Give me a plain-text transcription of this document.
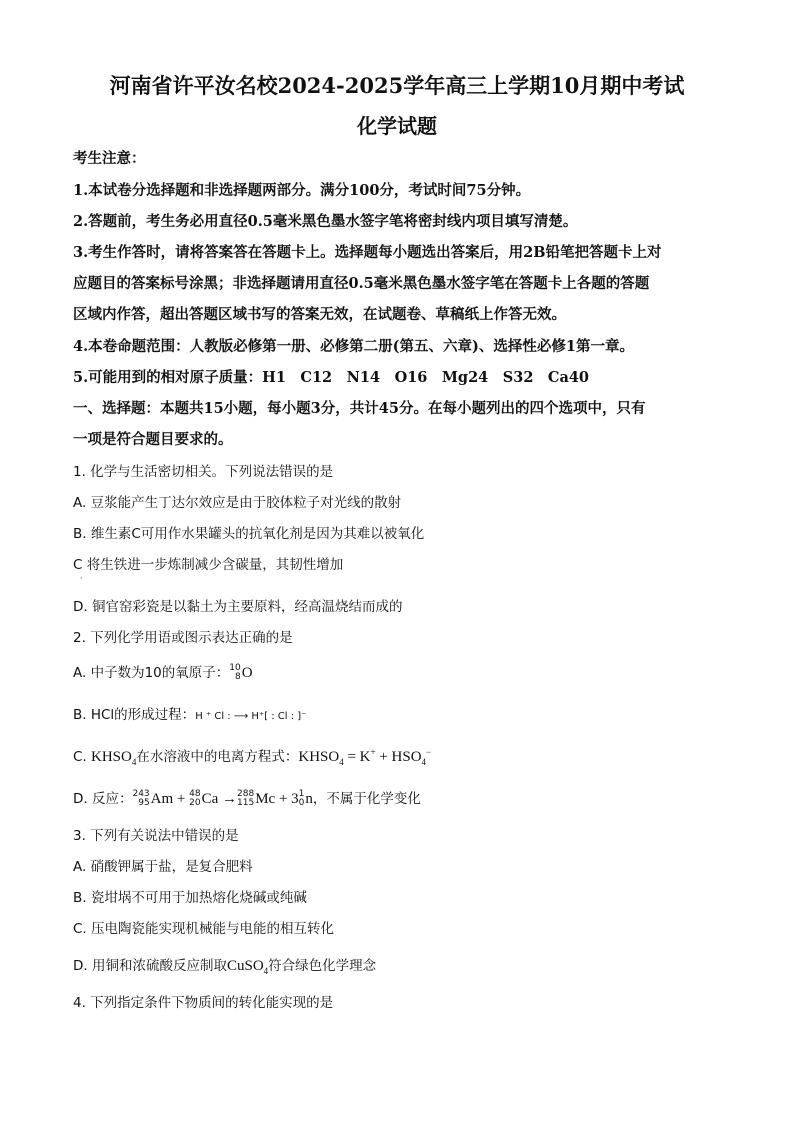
河南省许平汝名校2024-2025学年高三上学期10月期中考试
化学试题
考生注意：
1.本试卷分选择题和非选择题两部分。满分100分，考试时间75分钟。
2.答题前，考生务必用直径0.5毫米黑色墨水签字笔将密封线内项目填写清楚。
3.考生作答时，请将答案答在答题卡上。选择题每小题选出答案后，用2B铅笔把答题卡上对
应题目的答案标号涂黑；非选择题请用直径0.5毫米黑色墨水签字笔在答题卡上各题的答题
区域内作答，超出答题区域书写的答案无效，在试题卷、草稿纸上作答无效。
4.本卷命题范围：人教版必修第一册、必修第二册(第五、六章)、选择性必修1第一章。
5.可能用到的相对原子质量：H1　C12　N14　O16　Mg24　S32　Ca40
一、选择题：本题共15小题，每小题3分，共计45分。在每小题列出的四个选项中，只有
一项是符合题目要求的。
1. 化学与生活密切相关。下列说法错误的是
A. 豆浆能产生丁达尔效应是由于胶体粒子对光线的散射
B. 维生素C可用作水果罐头的抗氧化剂是因为其难以被氧化
C 将生铁进一步炼制减少含碳量，其韧性增加
·
D. 铜官窑彩瓷是以黏土为主要原料，经高温烧结而成的
2. 下列化学用语或图示表达正确的是
A. 中子数为10的氧原子： 10
8 O
B. HCl的形成过程：H ⁺ Cl : ⟶ H⁺[ : Cl : ]⁻
C. $KHSO_4$在水溶液中的电离方程式：$KHSO_4 = K^+ + HSO_4^-$
D. 反应： 243
95 Am + 48
20 Ca → 288
115 Mc + 3 1
0 n，不属于化学变化
3. 下列有关说法中错误的是
A. 硝酸钾属于盐，是复合肥料
B. 瓷坩埚不可用于加热熔化烧碱或纯碱
C. 压电陶瓷能实现机械能与电能的相互转化
D. 用铜和浓硫酸反应制取CuSO$_4$符合绿色化学理念
4. 下列指定条件下物质间的转化能实现的是
